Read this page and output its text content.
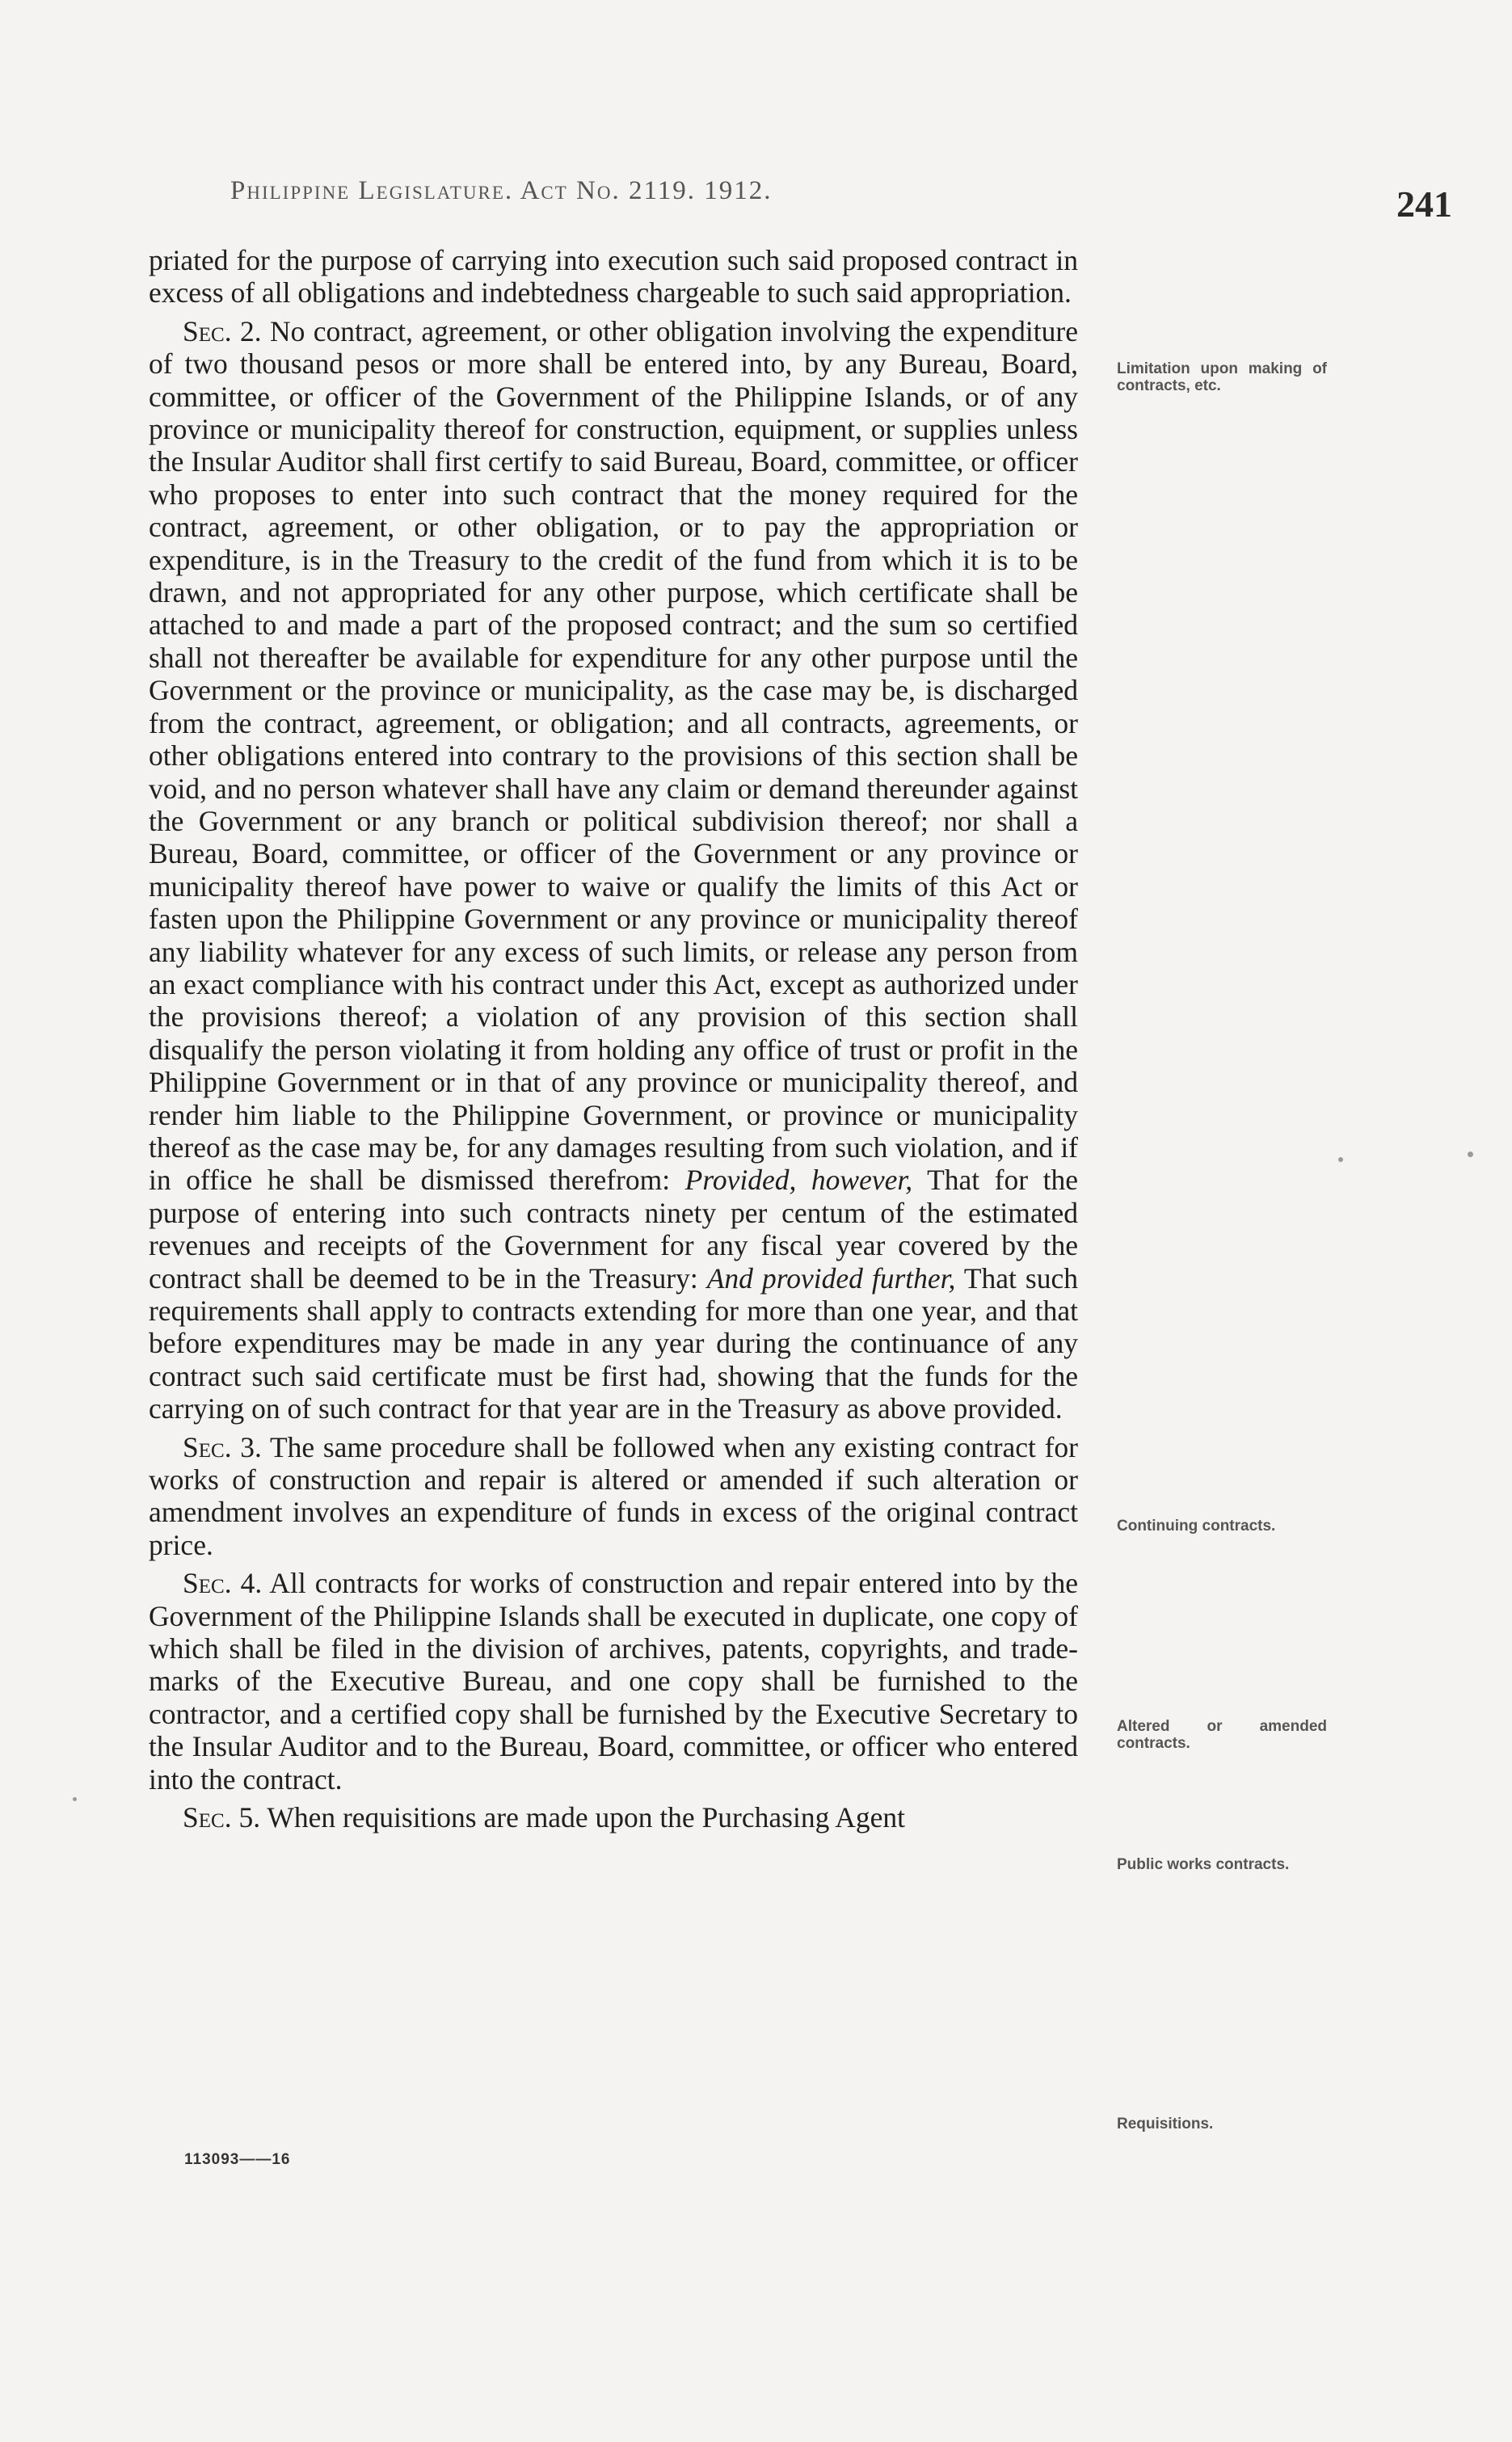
Philippine Legislature. Act No. 2119. 1912.	241

priated for the purpose of carrying into execution such said proposed contract in excess of all obligations and indebtedness chargeable to such said appropriation.

Sec. 2. No contract, agreement, or other obligation involving the expenditure of two thousand pesos or more shall be entered into, by any Bureau, Board, committee, or officer of the Government of the Philippine Islands, or of any province or municipality thereof for construction, equipment, or supplies unless the Insular Auditor shall first certify to said Bureau, Board, committee, or officer who proposes to enter into such contract that the money required for the contract, agreement, or other obligation, or to pay the appropriation or expenditure, is in the Treasury to the credit of the fund from which it is to be drawn, and not appropriated for any other purpose, which certificate shall be attached to and made a part of the proposed contract; and the sum so certified shall not thereafter be available for expenditure for any other purpose until the Government or the province or municipality, as the case may be, is discharged from the contract, agreement, or obligation; and all contracts, agreements, or other obligations entered into contrary to the provisions of this section shall be void, and no person whatever shall have any claim or demand thereunder against the Government or any branch or political subdivision thereof; nor shall a Bureau, Board, committee, or officer of the Government or any province or municipality thereof have power to waive or qualify the limits of this Act or fasten upon the Philippine Government or any province or municipality thereof any liability whatever for any excess of such limits, or release any person from an exact compliance with his contract under this Act, except as authorized under the provisions thereof; a violation of any provision of this section shall disqualify the person violating it from holding any office of trust or profit in the Philippine Government or in that of any province or municipality thereof, and render him liable to the Philippine Government, or province or municipality thereof as the case may be, for any damages resulting from such violation, and if in office he shall be dismissed therefrom: Provided, however, That for the purpose of entering into such contracts ninety per centum of the estimated revenues and receipts of the Government for any fiscal year covered by the contract shall be deemed to be in the Treasury: And provided further, That such requirements shall apply to contracts extending for more than one year, and that before expenditures may be made in any year during the continuance of any contract such said certificate must be first had, showing that the funds for the carrying on of such contract for that year are in the Treasury as above provided.

Sec. 3. The same procedure shall be followed when any existing contract for works of construction and repair is altered or amended if such alteration or amendment involves an expenditure of funds in excess of the original contract price.

Sec. 4. All contracts for works of construction and repair entered into by the Government of the Philippine Islands shall be executed in duplicate, one copy of which shall be filed in the division of archives, patents, copyrights, and trade-marks of the Executive Bureau, and one copy shall be furnished to the contractor, and a certified copy shall be furnished by the Executive Secretary to the Insular Auditor and to the Bureau, Board, committee, or officer who entered into the contract.

Sec. 5. When requisitions are made upon the Purchasing Agent

Limitation upon making of contracts, etc.
Continuing contracts.
Altered or amended contracts.
Public works contracts.
Requisitions.
113093——16
